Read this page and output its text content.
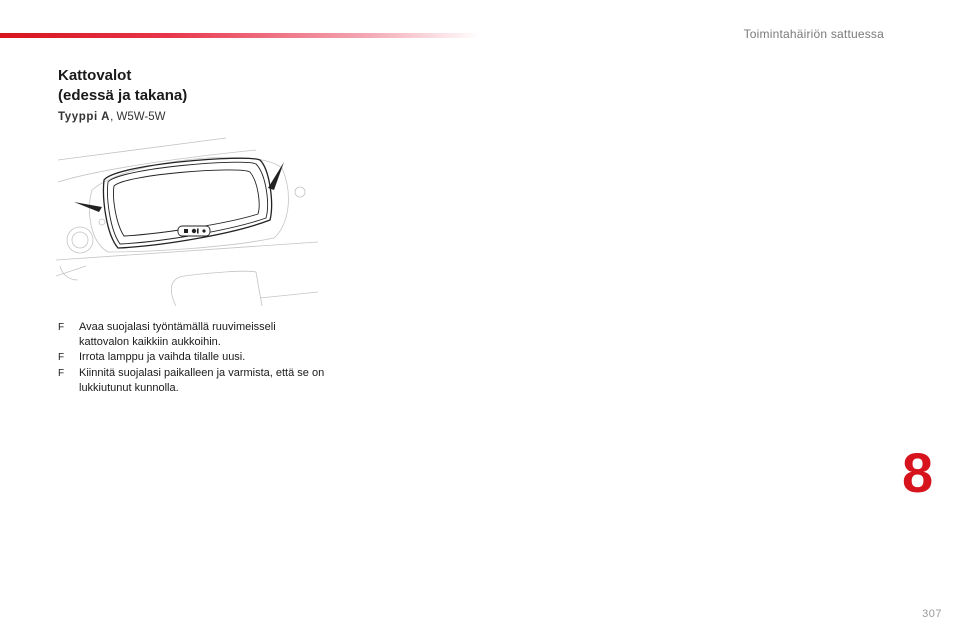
Toimintahäiriön sattuessa
Kattovalot
(edessä ja takana)
Tyyppi A, W5W-5W
F Avaa suojalasi työntämällä ruuvimeisseli kattovalon kaikkiin aukkoihin.
F Irrota lamppu ja vaihda tilalle uusi.
F Kiinnitä suojalasi paikalleen ja varmista, että se on lukkiutunut kunnolla.
8
307
